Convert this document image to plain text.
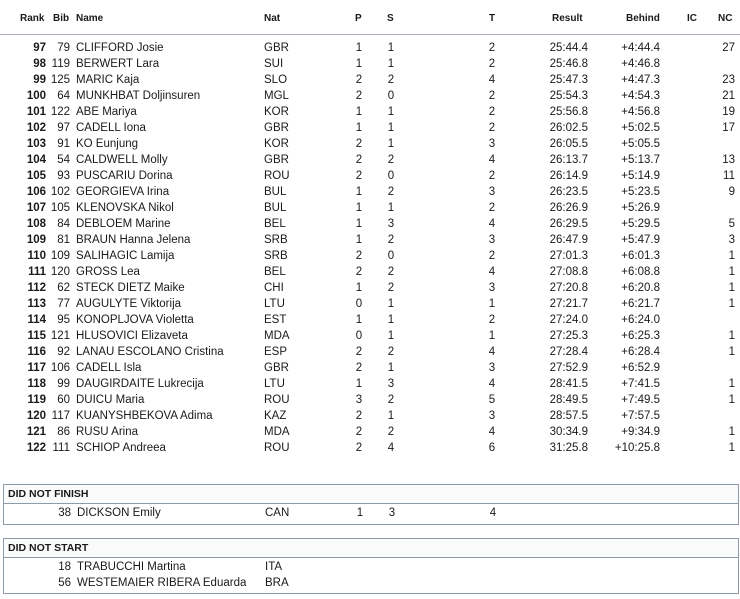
Rank Bib Name	Nat	P	S	T	Result	Behind	IC NC
97 79 CLIFFORD Josie	GBR	1	1	2	25:44.4	+4:44.4	27
98 119 BERWERT Lara	SUI	1	1	2	25:46.8	+4:46.8
99 125 MARIC Kaja	SLO	2	2	4	25:47.3	+4:47.3	23
100 64 MUNKHBAT Doljinsuren	MGL	2	0	2	25:54.3	+4:54.3	21
101 122 ABE Mariya	KOR	1	1	2	25:56.8	+4:56.8	19
102 97 CADELL Iona	GBR	1	1	2	26:02.5	+5:02.5	17
103 91 KO Eunjung	KOR	2	1	3	26:05.5	+5:05.5
104 54 CALDWELL Molly	GBR	2	2	4	26:13.7	+5:13.7	13
105 93 PUSCARIU Dorina	ROU	2	0	2	26:14.9	+5:14.9	11
106 102 GEORGIEVA Irina	BUL	1	2	3	26:23.5	+5:23.5	9
107 105 KLENOVSKA Nikol	BUL	1	1	2	26:26.9	+5:26.9
108 84 DEBLOEM Marine	BEL	1	3	4	26:29.5	+5:29.5	5
109 81 BRAUN Hanna Jelena	SRB	1	2	3	26:47.9	+5:47.9	3
110 109 SALIHAGIC Lamija	SRB	2	0	2	27:01.3	+6:01.3	1
111 120 GROSS Lea	BEL	2	2	4	27:08.8	+6:08.8	1
112 62 STECK DIETZ Maike	CHI	1	2	3	27:20.8	+6:20.8	1
113 77 AUGULYTE Viktorija	LTU	0	1	1	27:21.7	+6:21.7	1
114 95 KONOPLJOVA Violetta	EST	1	1	2	27:24.0	+6:24.0
115 121 HLUSOVICI Elizaveta	MDA	0	1	1	27:25.3	+6:25.3	1
116 92 LANAU ESCOLANO Cristina	ESP	2	2	4	27:28.4	+6:28.4	1
117 106 CADELL Isla	GBR	2	1	3	27:52.9	+6:52.9
118 99 DAUGIRDAITE Lukrecija	LTU	1	3	4	28:41.5	+7:41.5	1
119 60 DUICU Maria	ROU	3	2	5	28:49.5	+7:49.5	1
120 117 KUANYSHBEKOVA Adima	KAZ	2	1	3	28:57.5	+7:57.5
121 86 RUSU Arina	MDA	2	2	4	30:34.9	+9:34.9	1
122 111 SCHIOP Andreea	ROU	2	4	6	31:25.8 +10:25.8	1
DID NOT FINISH
38 DICKSON Emily	CAN	1	3	4
DID NOT START
18 TRABUCCHI Martina	ITA
56 WESTEMAIER RIBERA Eduarda BRA
